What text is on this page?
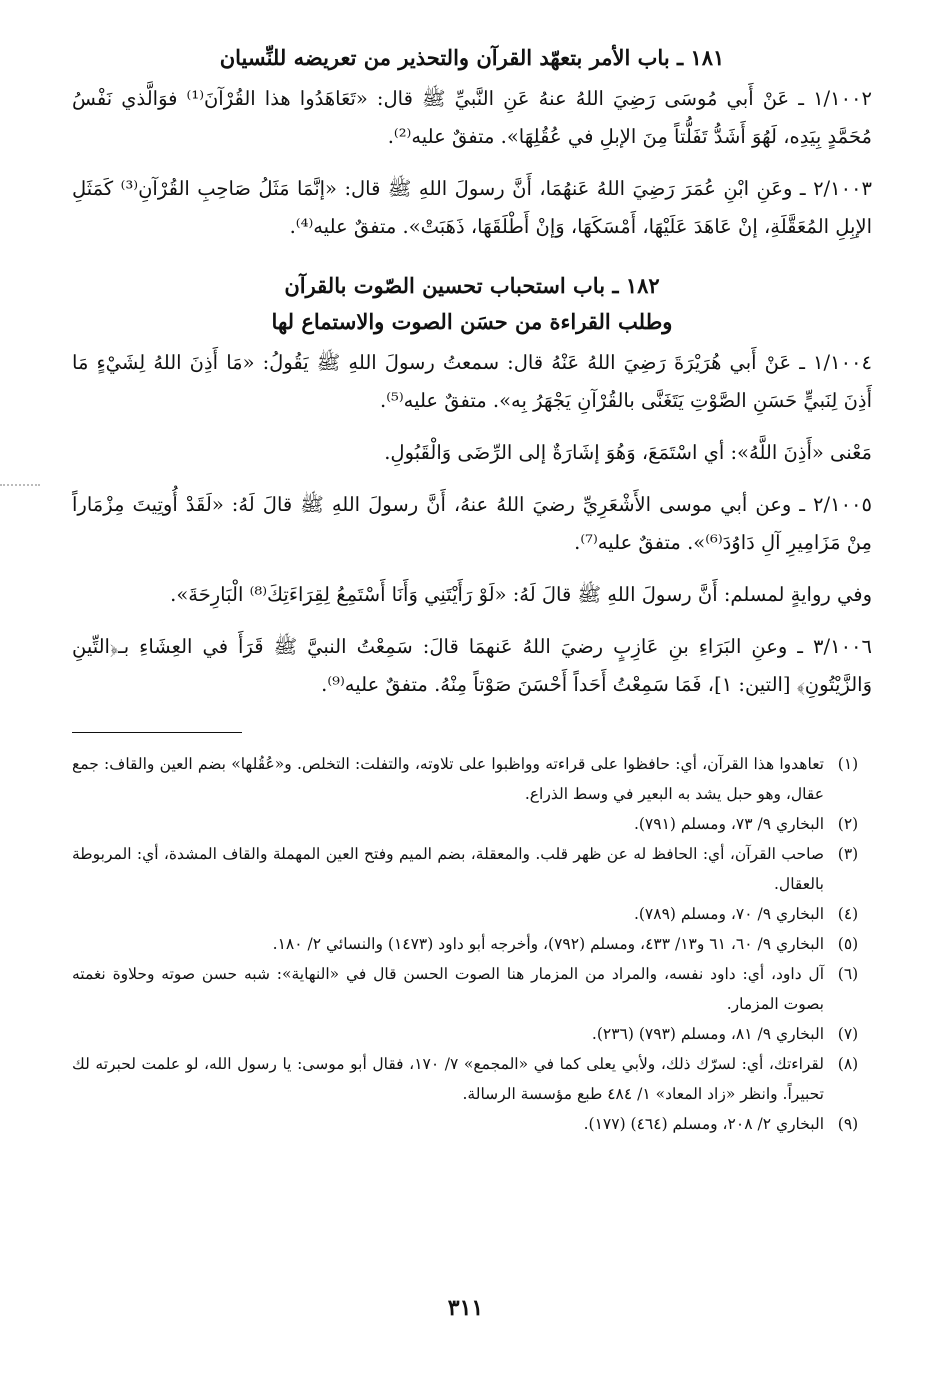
١٨١ ـ باب الأمر بتعهّد القرآن والتحذير من تعريضه للنِّسيان

١/١٠٠٢ ـ عَنْ أَبي مُوسَى رَضِيَ اللهُ عنهُ عَنِ النَّبيِّ ﷺ قال: «تَعَاهَدُوا هذا القُرْآنَ⁽¹⁾ فوَالَّذي نَفْسُ مُحَمَّدٍ بِيَدِه، لَهُوَ أَشَدُّ تَفَلُّتاً مِنَ الإبلِ في عُقُلِهَا». متفقٌ عليه⁽²⁾.

٢/١٠٠٣ ـ وعَنِ ابْنِ عُمَرَ رَضِيَ اللهُ عَنهُمَا، أَنَّ رسولَ اللهِ ﷺ قال: «إنَّمَا مَثَلُ صَاحِبِ القُرْآنِ⁽³⁾ كَمَثَلِ الإبِلِ المُعَقَّلَةِ، إنْ عَاهَدَ عَلَيْهَا، أَمْسَكَهَا، وَإنْ أَطْلَقَهَا، ذَهَبَتْ». متفقٌ عليه⁽⁴⁾.

١٨٢ ـ باب استحباب تحسين الصّوت بالقرآن

وطلب القراءة من حسَن الصوت والاستماع لها

١/١٠٠٤ ـ عَنْ أَبي هُرَيْرَةَ رَضِيَ اللهُ عَنْهُ قال: سمعتُ رسولَ اللهِ ﷺ يَقُولُ: «مَا أَذِنَ اللهُ لِشَيْءٍ مَا أَذِنَ لِنَبيٍّ حَسَنِ الصَّوْتِ يَتَغَنَّى بالقُرْآنِ يَجْهَرُ بِه». متفقٌ عليه⁽⁵⁾.

مَعْنى «أَذِنَ اللَّهُ»: أي اسْتَمَعَ، وَهُوَ إشَارَةٌ إلى الرِّضَى وَالْقَبُولِ.

٢/١٠٠٥ ـ وعن أبي موسى الأَشْعَرِيِّ رضيَ اللهُ عنهُ، أَنَّ رسولَ اللهِ ﷺ قالَ لَهُ: «لَقَدْ أُوتِيتَ مِزْمَاراً مِنْ مَزَامِيرِ آلِ دَاوُدَ⁽⁶⁾». متفقٌ عليه⁽⁷⁾.

وفي روايةٍ لمسلم: أَنَّ رسولَ اللهِ ﷺ قالَ لَهُ: «لَوْ رَأَيْتَنِي وَأَنَا أَسْتَمِعُ لِقِرَاءَتِكَ⁽⁸⁾ الْبَارِحَةَ».

٣/١٠٠٦ ـ وعنِ البَرَاءِ بنِ عَازِبٍ رضيَ اللهُ عَنهمَا قالَ: سَمِعْتُ النبيَّ ﷺ قَرَأَ في العِشَاءِ بـ﴿التِّينِ وَالزَّيْتُونِ﴾ [التين: ١]، فَمَا سَمِعْتُ أَحَداً أَحْسَنَ صَوْتاً مِنْهُ. متفقٌ عليه⁽⁹⁾.

(١)
تعاهدوا هذا القرآن، أي: حافظوا على قراءته وواظبوا على تلاوته، والتفلت: التخلص. و«عُقُلها» بضم العين والقاف: جمع عقال، وهو حبل يشد به البعير في وسط الذراع.
(٢)
البخاري ٩/ ٧٣، ومسلم (٧٩١).
(٣)
صاحب القرآن، أي: الحافظ له عن ظهر قلب. والمعقلة، بضم الميم وفتح العين المهملة والقاف المشدة، أي: المربوطة بالعقال.
(٤)
البخاري ٩/ ٧٠، ومسلم (٧٨٩).
(٥)
البخاري ٩/ ٦٠، ٦١ و١٣/ ٤٣٣، ومسلم (٧٩٢)، وأخرجه أبو داود (١٤٧٣) والنسائي ٢/ ١٨٠.
(٦)
آل داود، أي: داود نفسه، والمراد من المزمار هنا الصوت الحسن قال في «النهاية»: شبه حسن صوته وحلاوة نغمته بصوت المزمار.
(٧)
البخاري ٩/ ٨١، ومسلم (٧٩٣) (٢٣٦).
(٨)
لقراءتك، أي: لسرّك ذلك، ولأبي يعلى كما في «المجمع» ٧/ ١٧٠، فقال أبو موسى: يا رسول الله، لو علمت لحبرته لك تحبيراً. وانظر «زاد المعاد» ١/ ٤٨٤ طبع مؤسسة الرسالة.
(٩)
البخاري ٢/ ٢٠٨، ومسلم (٤٦٤) (١٧٧).
٣١١
